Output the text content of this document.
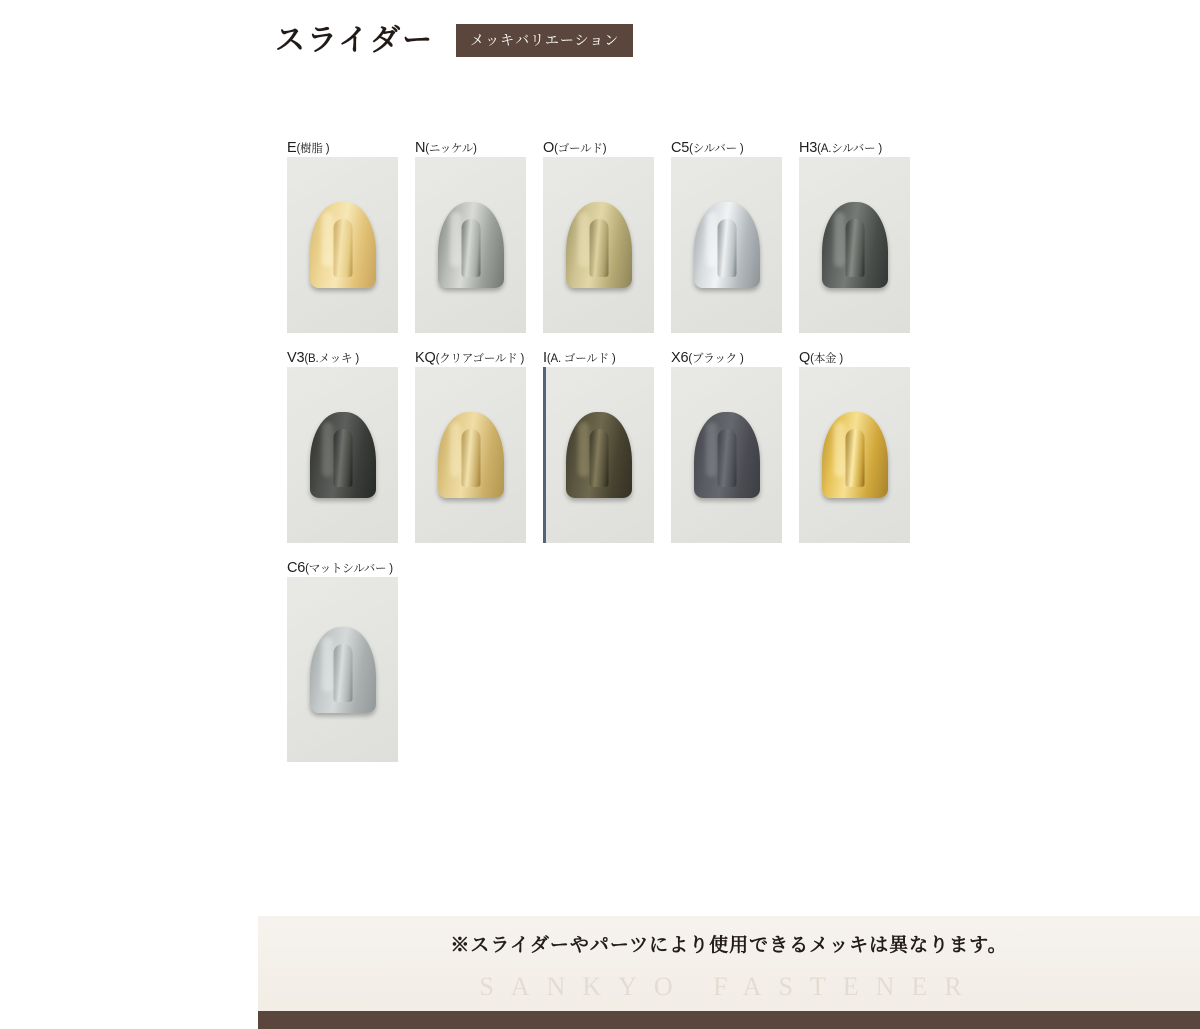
スライダー	メッキバリエーション
E(樹脂 )	N(ニッケル)	O(ゴールド)	C5(シルバー )	H3(A.シルバー )
V3(B.メッキ )	KQ(クリアゴールド ) I(A. ゴールド )	X6(ブラック )	Q(本金 )
C6(マットシルバー )
※スライダーやパーツにより使用できるメッキは異なります。
SANKYO FASTENER
